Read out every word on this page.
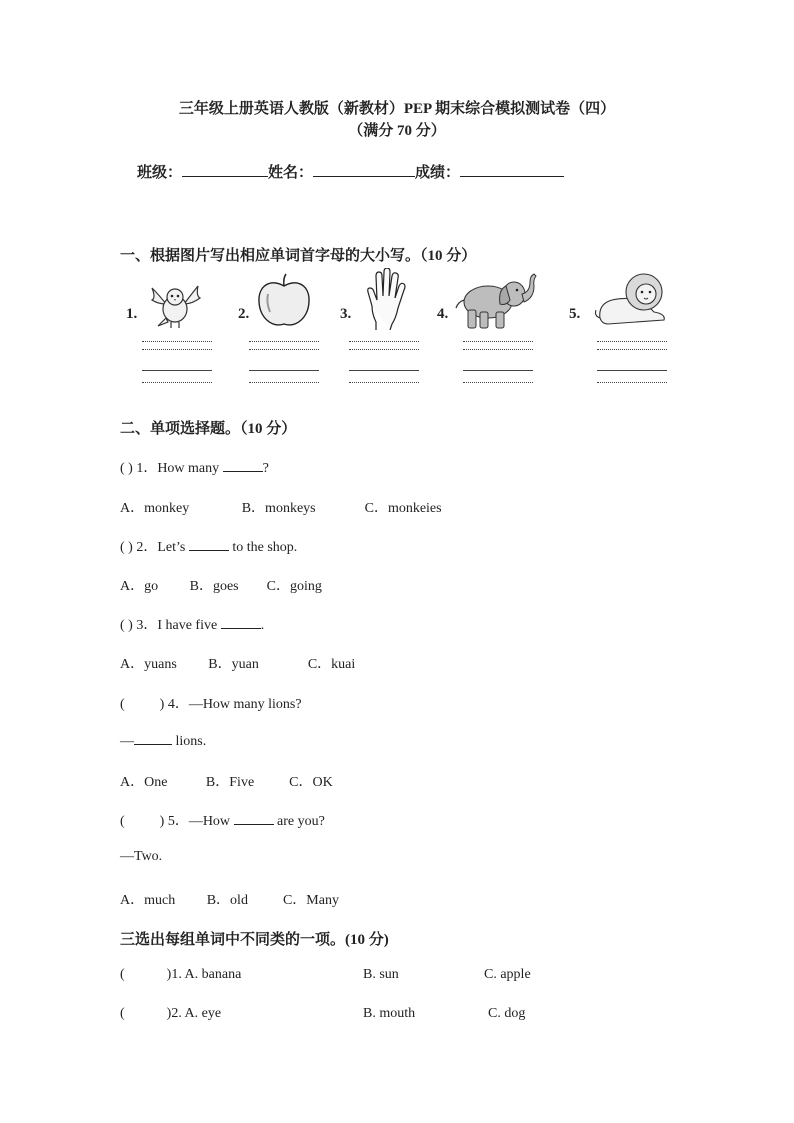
三年级上册英语人教版（新教材）PEP 期末综合模拟测试卷（四）
（满分 70 分）
班级：	姓名：	成绩：
一、根据图片写出相应单词首字母的大小写。（10 分）
1.	2.	3.	4.	5.
二、单项选择题。（10 分）
( ) 1．How many	?
A．monkey               B．monkeys              C．monkeies
( ) 2．Let’s	to the shop.
A．go         B．goes        C．going
( ) 3．I have five	.
A．yuans         B．yuan              C．kuai
(          ) 4．—How many lions?
—	lions.
A．One           B．Five          C．OK
(          ) 5．—How	are you?
—Two.
A．much         B．old          C．Many
三选出每组单词中不同类的一项。(10 分)
(            )1. A. banana	B. sun	C. apple
(            )2. A. eye	B. mouth	C. dog
